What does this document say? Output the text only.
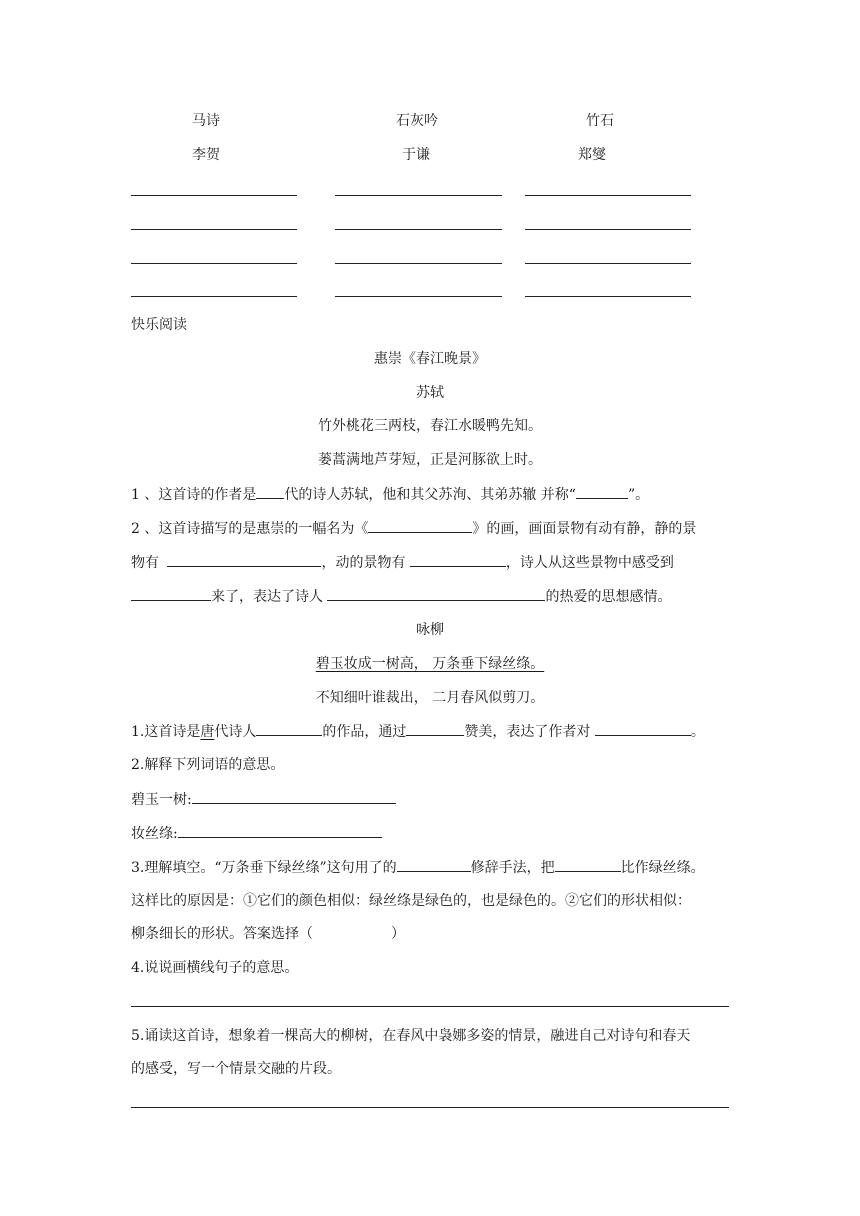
马诗	石灰吟	竹石
李贺	于谦	郑燮
快乐阅读
惠崇《春江晚景》
苏轼
竹外桃花三两枝，春江水暖鸭先知。
蒌蒿满地芦芽短，正是河豚欲上时。
1 、这首诗的作者是 代的诗人苏轼，他和其父苏洵、其弟苏辙 并称“	”。
2 、这首诗描写的是惠崇的一幅名为《	》的画，画面景物有动有静，静的景
物有	，动的景物有	，诗人从这些景物中感受到
来了，表达了诗人	的热爱的思想感情。
咏柳
碧玉妆成一树高， 万条垂下绿丝绦。
不知细叶谁裁出， 二月春风似剪刀。
1.这首诗是唐代诗人	的作品，通过	赞美，表达了作者对	。
2.解释下列词语的意思。
碧玉一树:
妆丝绦:
3.理解填空。“万条垂下绿丝绦”这句用了的	修辞手法，把	比作绿丝绦。
这样比的原因是：①它们的颜色相似：绿丝绦是绿色的，也是绿色的。②它们的形状相似：
柳条细长的形状。答案选择（	）
4.说说画横线句子的意思。
5.诵读这首诗，想象着一棵高大的柳树，在春风中袅娜多姿的情景，融进自己对诗句和春天
的感受，写一个情景交融的片段。
